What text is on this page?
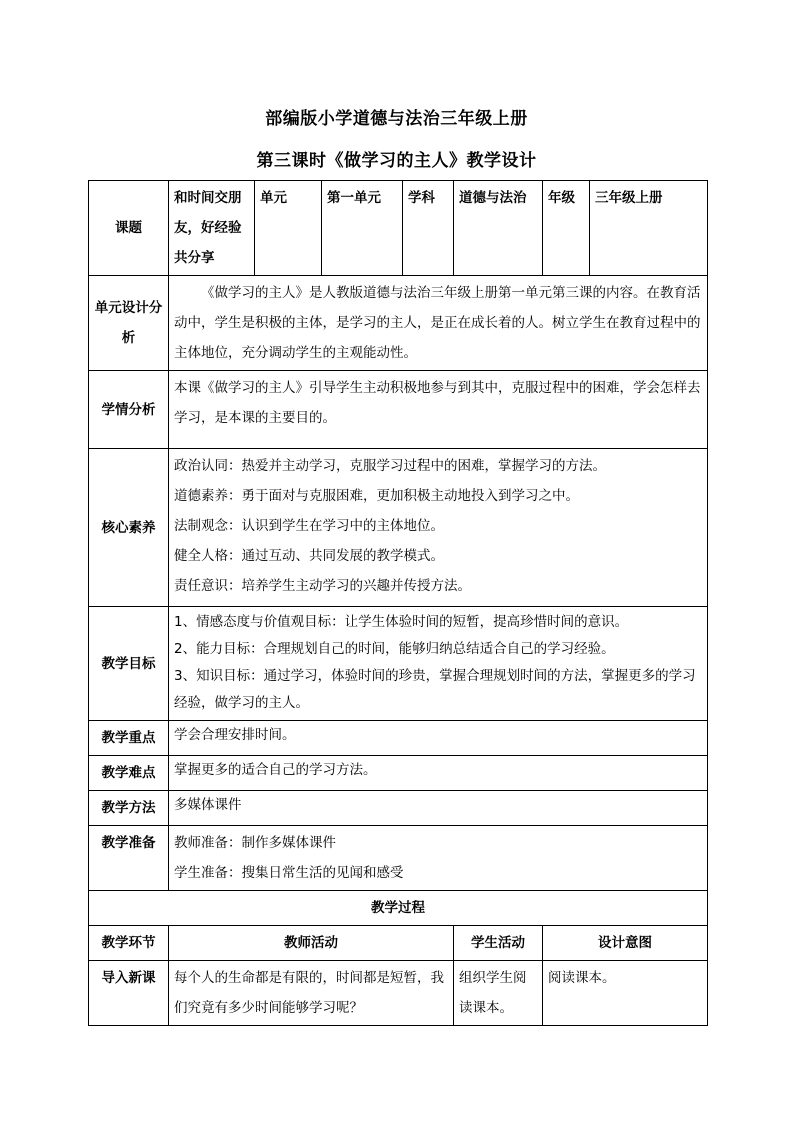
部编版小学道德与法治三年级上册
第三课时《做学习的主人》教学设计
课题	和时间交朋友，好经验共分享	单元	第一单元	学科	道德与法治	年级	三年级上册
单元设计分析	《做学习的主人》是人教版道德与法治三年级上册第一单元第三课的内容。在教育活动中，学生是积极的主体，是学习的主人，是正在成长着的人。树立学生在教育过程中的主体地位，充分调动学生的主观能动性。						
学情分析	本课《做学习的主人》引导学生主动积极地参与到其中，克服过程中的困难，学会怎样去学习，是本课的主要目的。						
核心素养	政治认同：热爱并主动学习，克服学习过程中的困难，掌握学习的方法。
道德素养：勇于面对与克服困难，更加积极主动地投入到学习之中。
法制观念：认识到学生在学习中的主体地位。
健全人格：通过互动、共同发展的教学模式。
责任意识：培养学生主动学习的兴趣并传授方法。						

教学目标	1、情感态度与价值观目标：让学生体验时间的短暂，提高珍惜时间的意识。
2、能力目标：合理规划自己的时间，能够归纳总结适合自己的学习经验。
3、知识目标：通过学习，体验时间的珍贵，掌握合理规划时间的方法，掌握更多的学习经验，做学习的主人。						

教学重点	学会合理安排时间。						
教学难点	掌握更多的适合自己的学习方法。						
教学方法	多媒体课件						
教学准备	教师准备：制作多媒体课件
学生准备：搜集日常生活的见闻和感受						

教学过程							
教学环节	教师活动				学生活动	设计意图	
导入新课	每个人的生命都是有限的，时间都是短暂，我们究竟有多少时间能够学习呢？				组织学生阅读课本。	阅读课本。	
